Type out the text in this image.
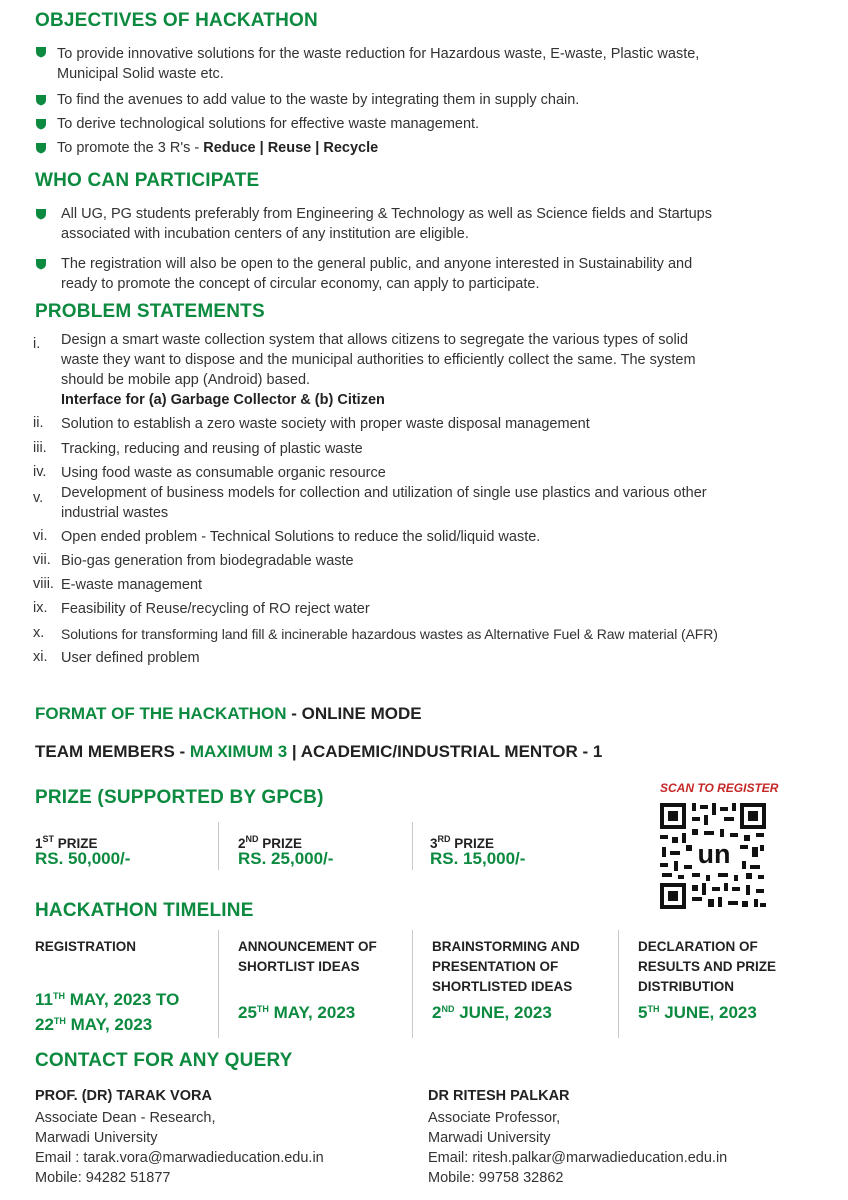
OBJECTIVES OF HACKATHON
To provide innovative solutions for the waste reduction for Hazardous waste, E-waste, Plastic waste,
Municipal Solid waste etc.
To find the avenues to add value to the waste by integrating them in supply chain.
To derive technological solutions for effective waste management.
To promote the 3 R's - Reduce | Reuse | Recycle
WHO CAN PARTICIPATE
All UG, PG students preferably from Engineering & Technology as well as Science fields and Startups
associated with incubation centers of any institution are eligible.
The registration will also be open to the general public, and anyone interested in Sustainability and
ready to promote the concept of circular economy, can apply to participate.
PROBLEM STATEMENTS
i. Design a smart waste collection system that allows citizens to segregate the various types of solid
waste they want to dispose and the municipal authorities to efficiently collect the same. The system
should be mobile app (Android) based.
Interface for (a) Garbage Collector & (b) Citizen
ii. Solution to establish a zero waste society with proper waste disposal management
iii. Tracking, reducing and reusing of plastic waste
iv. Using food waste as consumable organic resource
v. Development of business models for collection and utilization of single use plastics and various other
industrial wastes
vi. Open ended problem - Technical Solutions to reduce the solid/liquid waste.
vii. Bio-gas generation from biodegradable waste
viii. E-waste management
ix. Feasibility of Reuse/recycling of RO reject water
x. Solutions for transforming land fill & incinerable hazardous wastes as Alternative Fuel & Raw material (AFR)
xi. User defined problem
FORMAT OF THE HACKATHON - ONLINE MODE
TEAM MEMBERS - MAXIMUM 3 | ACADEMIC/INDUSTRIAL MENTOR - 1
PRIZE (SUPPORTED BY GPCB)
1ST PRIZE
RS. 50,000/-
2ND PRIZE
RS. 25,000/-
3RD PRIZE
RS. 15,000/-
SCAN TO REGISTER
un
HACKATHON TIMELINE
REGISTRATION
11TH MAY, 2023 TO
22TH MAY, 2023
ANNOUNCEMENT OF
SHORTLIST IDEAS
25TH MAY, 2023
BRAINSTORMING AND
PRESENTATION OF
SHORTLISTED IDEAS
2ND JUNE, 2023
DECLARATION OF
RESULTS AND PRIZE
DISTRIBUTION
5TH JUNE, 2023
CONTACT FOR ANY QUERY
PROF. (DR) TARAK VORA
Associate Dean - Research,
Marwadi University
Email : tarak.vora@marwadieducation.edu.in
Mobile: 94282 51877
DR RITESH PALKAR
Associate Professor,
Marwadi University
Email: ritesh.palkar@marwadieducation.edu.in
Mobile: 99758 32862
